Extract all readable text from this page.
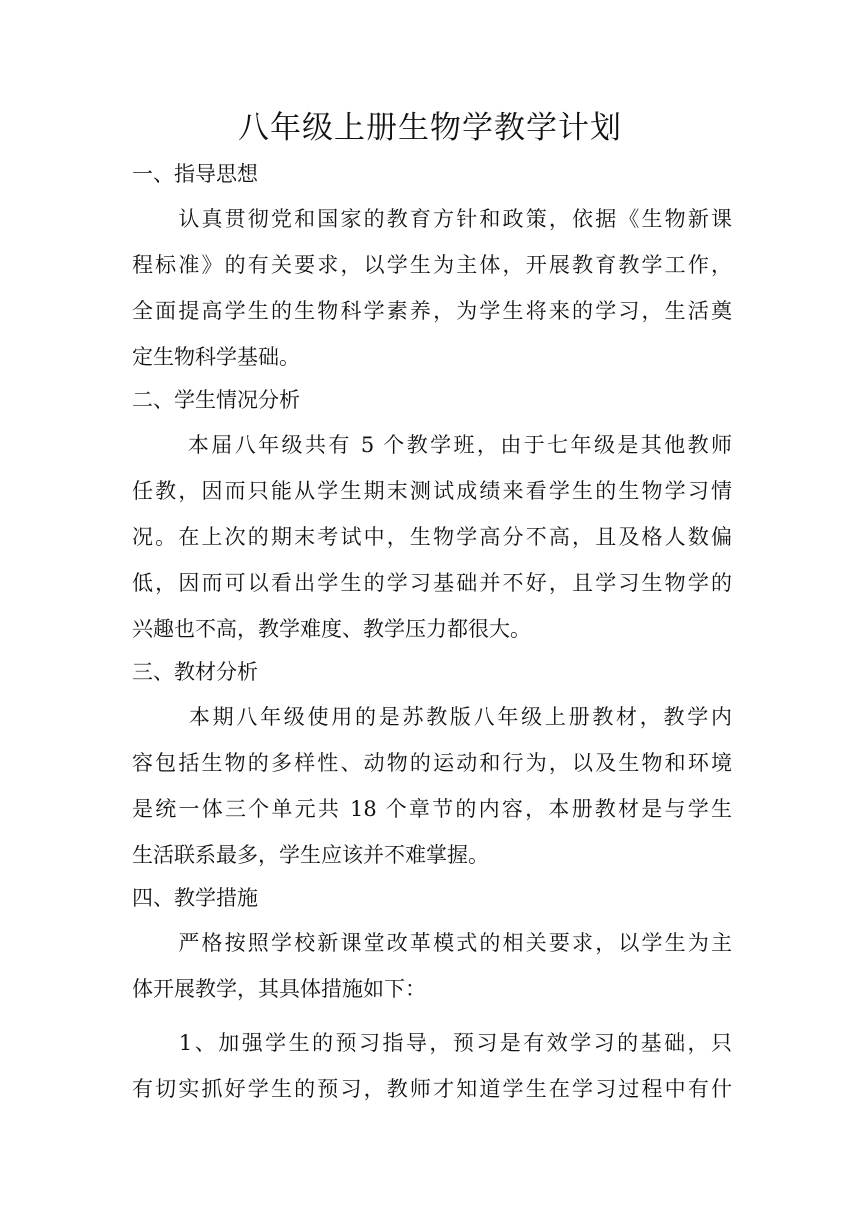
八年级上册生物学教学计划
一、指导思想
　　认真贯彻党和国家的教育方针和政策，依据《生物新课
程标准》的有关要求，以学生为主体，开展教育教学工作，
全面提高学生的生物科学素养，为学生将来的学习，生活奠
定生物科学基础。
二、学生情况分析
　　 本届八年级共有 5 个教学班，由于七年级是其他教师
任教，因而只能从学生期末测试成绩来看学生的生物学习情
况。在上次的期末考试中，生物学高分不高，且及格人数偏
低，因而可以看出学生的学习基础并不好，且学习生物学的
兴趣也不高，教学难度、教学压力都很大。
三、教材分析
　　 本期八年级使用的是苏教版八年级上册教材，教学内
容包括生物的多样性、动物的运动和行为，以及生物和环境
是统一体三个单元共 18 个章节的内容，本册教材是与学生
生活联系最多，学生应该并不难掌握。
四、教学措施
　　严格按照学校新课堂改革模式的相关要求，以学生为主
体开展教学，其具体措施如下：
　　1、加强学生的预习指导，预习是有效学习的基础，只
有切实抓好学生的预习，教师才知道学生在学习过程中有什
